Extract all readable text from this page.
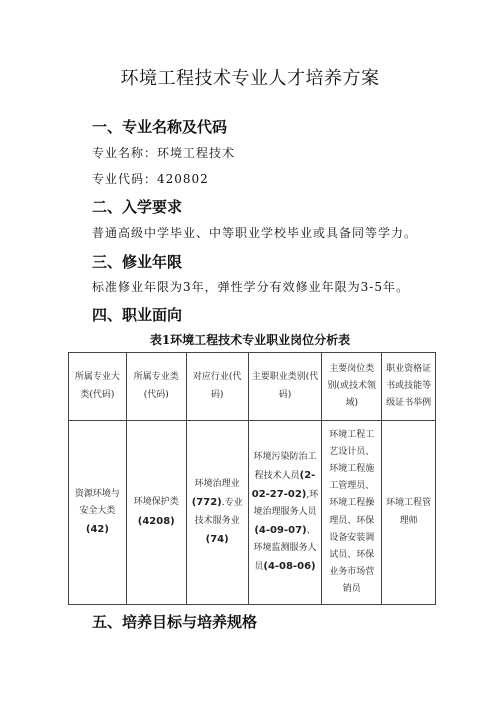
环境工程技术专业人才培养方案
一、专业名称及代码
专业名称：环境工程技术
专业代码：420802
二、入学要求
普通高级中学毕业、中等职业学校毕业或具备同等学力。
三、修业年限
标准修业年限为3年，弹性学分有效修业年限为3-5年。
四、职业面向
表1环境工程技术专业职业岗位分析表
所属专业大类(代码)	所属专业类(代码)	对应行业(代码)	主要职业类别(代码)	主要岗位类别(或技术领域)	职业资格证书或技能等级证书举例
资源环境与安全大类(42)	环境保护类(4208)	环境治理业(772).专业技术服务业(74)	环境污染防治工程技术人员(2-02-27-02),环境治理服务人员(4-09-07)、环境监测服务人员(4-08-06)	环境工程工艺设计员、环境工程施工管理员、环境工程操理员、环保设备安装调试员、环保业务市场营销员	环境工程管理师
五、培养目标与培养规格
